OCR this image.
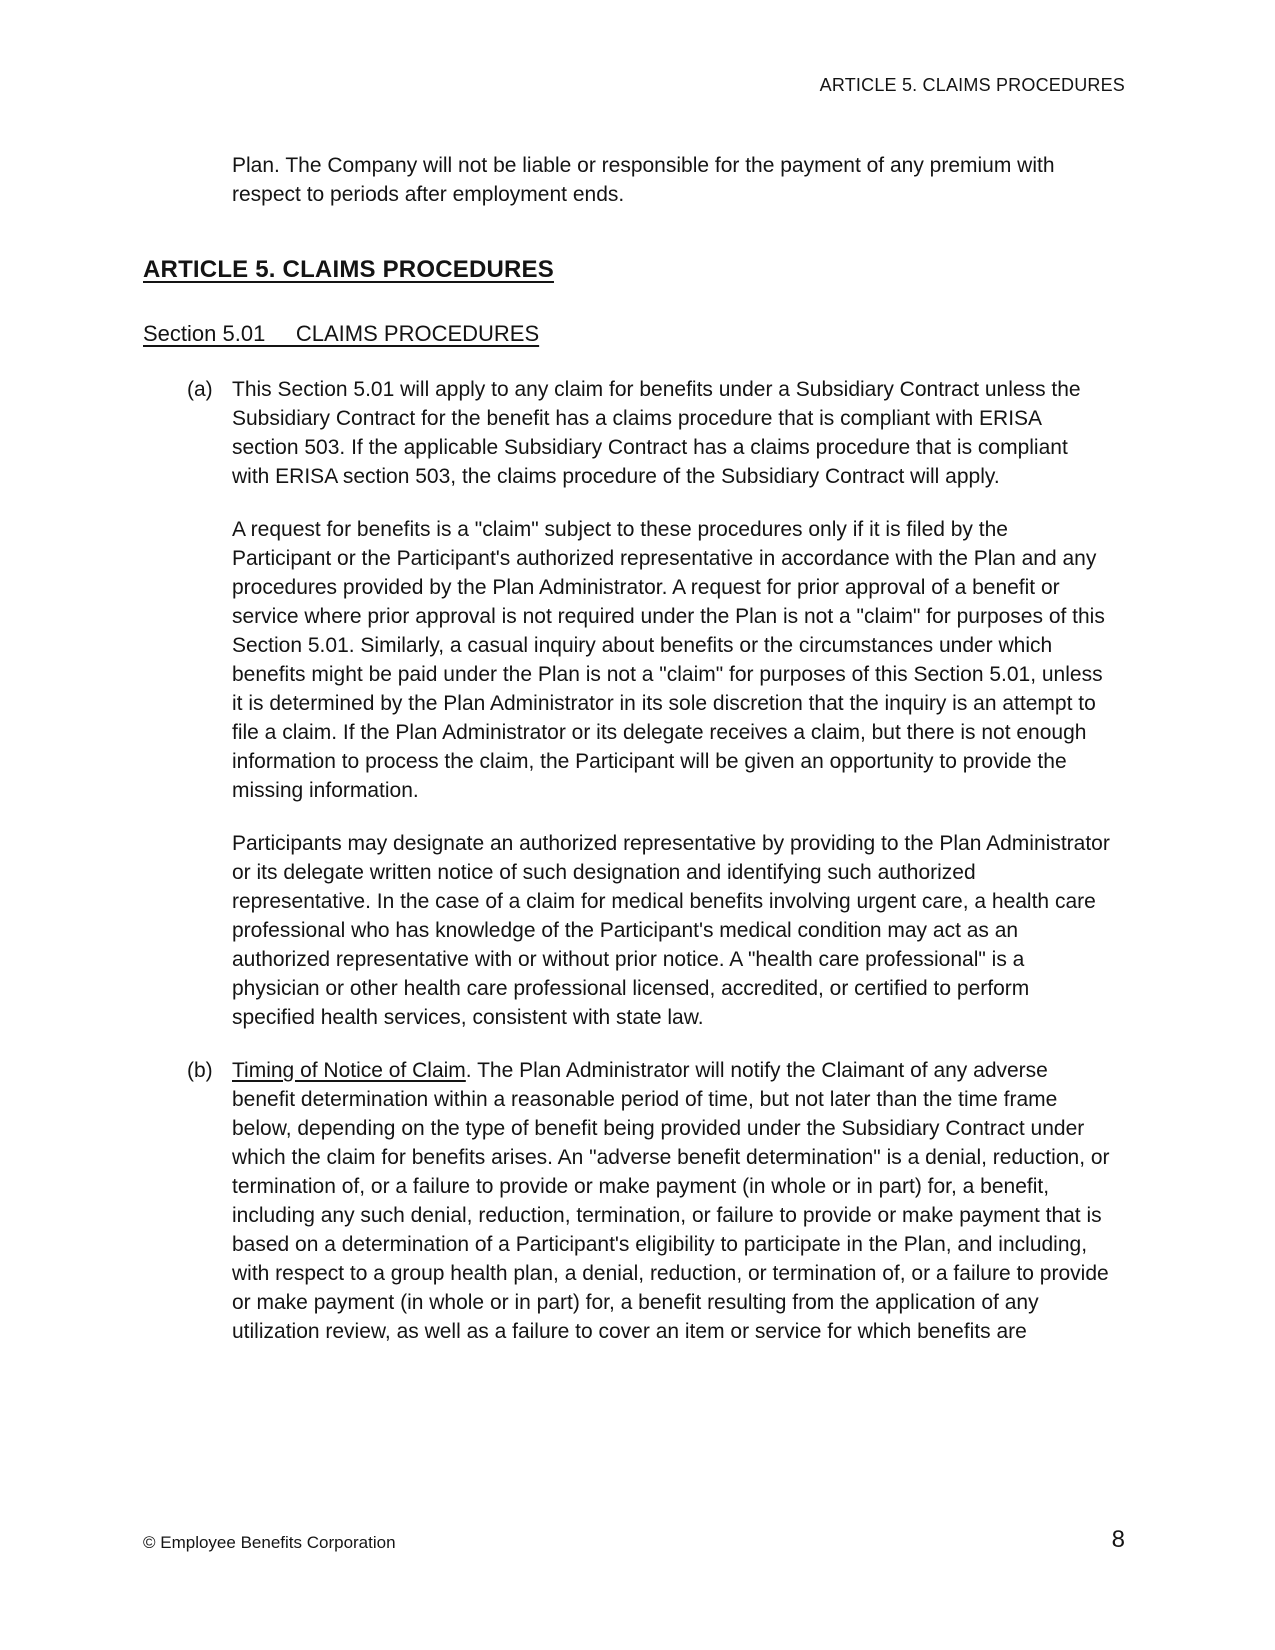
ARTICLE 5. CLAIMS PROCEDURES

Plan. The Company will not be liable or responsible for the payment of any premium with respect to periods after employment ends.

ARTICLE 5. CLAIMS PROCEDURES
Section 5.01     CLAIMS PROCEDURES
(a) This Section 5.01 will apply to any claim for benefits under a Subsidiary Contract unless the Subsidiary Contract for the benefit has a claims procedure that is compliant with ERISA section 503. If the applicable Subsidiary Contract has a claims procedure that is compliant with ERISA section 503, the claims procedure of the Subsidiary Contract will apply.

A request for benefits is a "claim" subject to these procedures only if it is filed by the Participant or the Participant's authorized representative in accordance with the Plan and any procedures provided by the Plan Administrator. A request for prior approval of a benefit or service where prior approval is not required under the Plan is not a "claim" for purposes of this Section 5.01. Similarly, a casual inquiry about benefits or the circumstances under which benefits might be paid under the Plan is not a "claim" for purposes of this Section 5.01, unless it is determined by the Plan Administrator in its sole discretion that the inquiry is an attempt to file a claim. If the Plan Administrator or its delegate receives a claim, but there is not enough information to process the claim, the Participant will be given an opportunity to provide the missing information.

Participants may designate an authorized representative by providing to the Plan Administrator or its delegate written notice of such designation and identifying such authorized representative. In the case of a claim for medical benefits involving urgent care, a health care professional who has knowledge of the Participant's medical condition may act as an authorized representative with or without prior notice. A "health care professional" is a physician or other health care professional licensed, accredited, or certified to perform specified health services, consistent with state law.

(b) Timing of Notice of Claim. The Plan Administrator will notify the Claimant of any adverse benefit determination within a reasonable period of time, but not later than the time frame below, depending on the type of benefit being provided under the Subsidiary Contract under which the claim for benefits arises. An "adverse benefit determination" is a denial, reduction, or termination of, or a failure to provide or make payment (in whole or in part) for, a benefit, including any such denial, reduction, termination, or failure to provide or make payment that is based on a determination of a Participant's eligibility to participate in the Plan, and including, with respect to a group health plan, a denial, reduction, or termination of, or a failure to provide or make payment (in whole or in part) for, a benefit resulting from the application of any utilization review, as well as a failure to cover an item or service for which benefits are

© Employee Benefits Corporation	8
